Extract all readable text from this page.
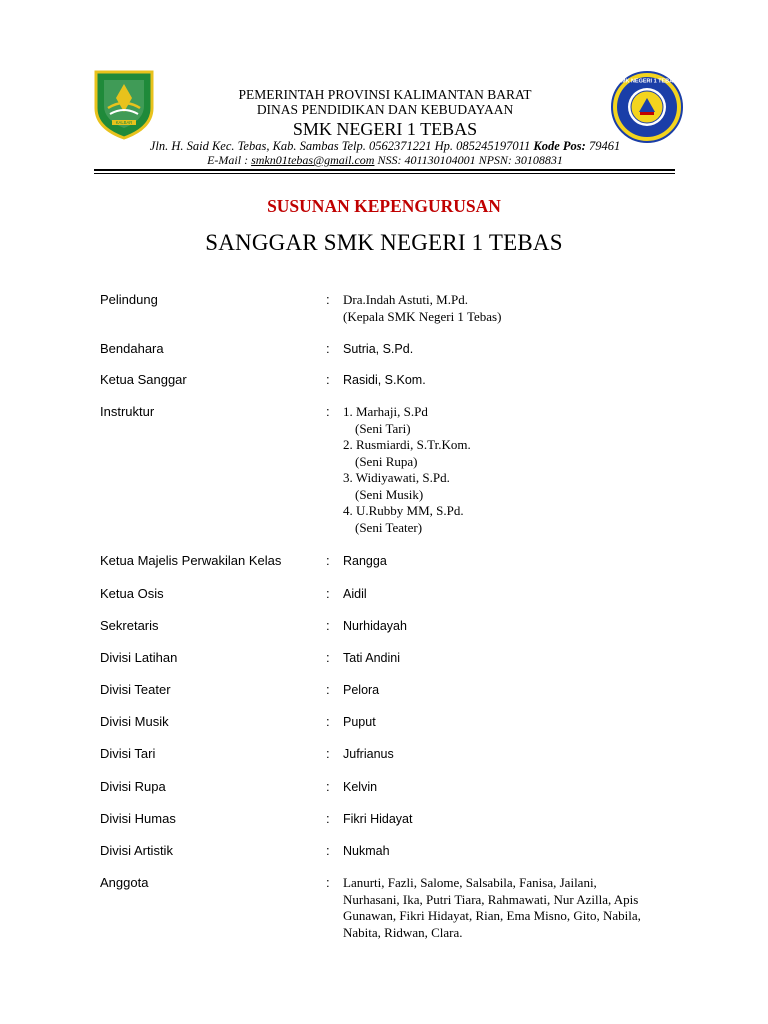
KALBAR
SMK NEGERI 1 TEBAS
PEMERINTAH PROVINSI KALIMANTAN BARAT
DINAS PENDIDIKAN DAN KEBUDAYAAN
SMK NEGERI 1 TEBAS
Jln. H. Said Kec. Tebas, Kab. Sambas Telp. 0562371221 Hp. 085245197011 Kode Pos: 79461
E-Mail : smkn01tebas@gmail.com NSS: 401130104001 NPSN: 30108831
SUSUNAN KEPENGURUSAN
SANGGAR SMK NEGERI 1 TEBAS
Pelindung	: Dra.Indah Astuti, M.Pd.
(Kepala SMK Negeri 1 Tebas)
Bendahara	: Sutria, S.Pd.
Ketua Sanggar	: Rasidi, S.Kom.
Instruktur	: 1. Marhaji, S.Pd
(Seni Tari)
2. Rusmiardi, S.Tr.Kom.
(Seni Rupa)
3. Widiyawati, S.Pd.
(Seni Musik)
4. U.Rubby MM, S.Pd.
(Seni Teater)
Ketua Majelis Perwakilan Kelas	: Rangga
Ketua Osis	: Aidil
Sekretaris	: Nurhidayah
Divisi Latihan	: Tati Andini
Divisi Teater	: Pelora
Divisi Musik	: Puput
Divisi Tari	: Jufrianus
Divisi Rupa	: Kelvin
Divisi Humas	: Fikri Hidayat
Divisi Artistik	: Nukmah
Anggota	: Lanurti, Fazli, Salome, Salsabila, Fanisa, Jailani,
Nurhasani, Ika, Putri Tiara, Rahmawati, Nur Azilla, Apis
Gunawan, Fikri Hidayat, Rian, Ema Misno, Gito, Nabila,
Nabita, Ridwan, Clara.
